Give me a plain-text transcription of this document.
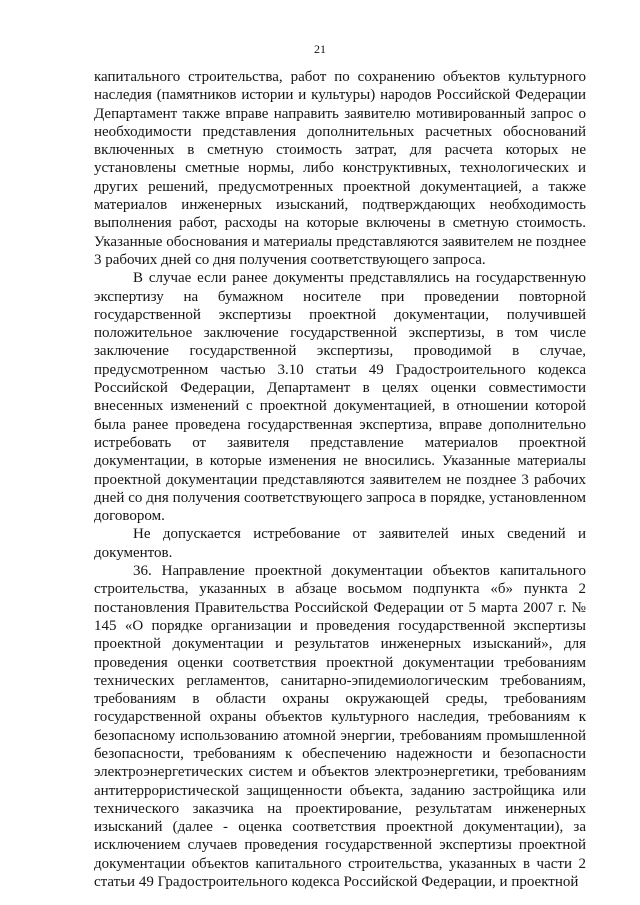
21

капитального строительства, работ по сохранению объектов культурного наследия (памятников истории и культуры) народов Российской Федерации Департамент также вправе направить заявителю мотивированный запрос о необходимости представления дополнительных расчетных обоснований включенных в сметную стоимость затрат, для расчета которых не установлены сметные нормы, либо конструктивных, технологических и других решений, предусмотренных проектной документацией, а также материалов инженерных изысканий, подтверждающих необходимость выполнения работ, расходы на которые включены в сметную стоимость. Указанные обоснования и материалы представляются заявителем не позднее 3 рабочих дней со дня получения соответствующего запроса.

В случае если ранее документы представлялись на государственную экспертизу на бумажном носителе при проведении повторной государственной экспертизы проектной документации, получившей положительное заключение государственной экспертизы, в том числе заключение государственной экспертизы, проводимой в случае, предусмотренном частью 3.10 статьи 49 Градостроительного кодекса Российской Федерации, Департамент в целях оценки совместимости внесенных изменений с проектной документацией, в отношении которой была ранее проведена государственная экспертиза, вправе дополнительно истребовать от заявителя представление материалов проектной документации, в которые изменения не вносились. Указанные материалы проектной документации представляются заявителем не позднее 3 рабочих дней со дня получения соответствующего запроса в порядке, установленном договором.

Не допускается истребование от заявителей иных сведений и документов.

36. Направление проектной документации объектов капитального строительства, указанных в абзаце восьмом подпункта «б» пункта 2 постановления Правительства Российской Федерации от 5 марта 2007 г. № 145 «О порядке организации и проведения государственной экспертизы проектной документации и результатов инженерных изысканий», для проведения оценки соответствия проектной документации требованиям технических регламентов, санитарно-эпидемиологическим требованиям, требованиям в области охраны окружающей среды, требованиям государственной охраны объектов культурного наследия, требованиям к безопасному использованию атомной энергии, требованиям промышленной безопасности, требованиям к обеспечению надежности и безопасности электроэнергетических систем и объектов электроэнергетики, требованиям антитеррористической защищенности объекта, заданию застройщика или технического заказчика на проектирование, результатам инженерных изысканий (далее - оценка соответствия проектной документации), за исключением случаев проведения государственной экспертизы проектной документации объектов капитального строительства, указанных в части 2 статьи 49 Градостроительного кодекса Российской Федерации, и проектной
